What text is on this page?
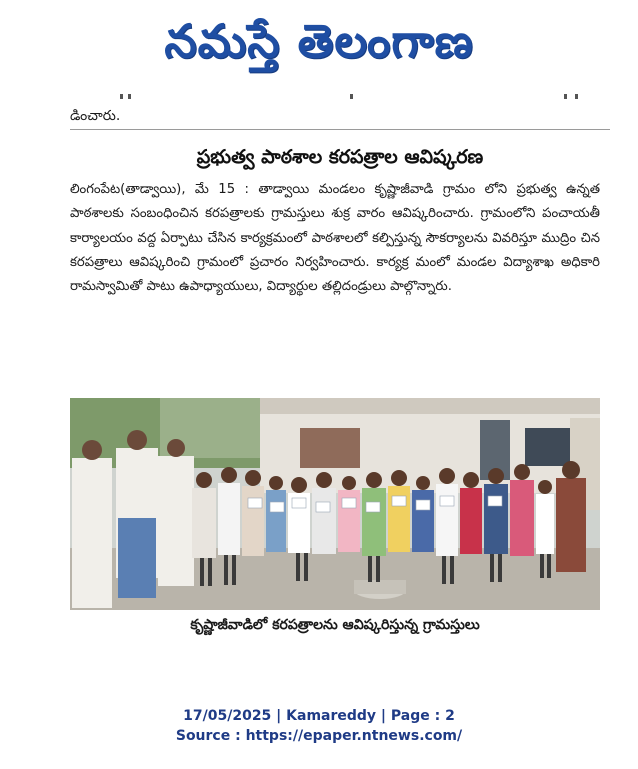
నమస్తే తెలంగాణ
డించారు.
ప్రభుత్వ పాఠశాల కరపత్రాల ఆవిష్కరణ
లింగంపేట(తాడ్వాయి), మే 15 : తాడ్వాయి మండలం కృష్ణాజీవాడి గ్రామం లోని ప్రభుత్వ ఉన్నత పాఠశాలకు సంబంధించిన కరపత్రాలకు గ్రామస్తులు శుక్ర వారం ఆవిష్కరించారు. గ్రామంలోని పంచాయతీ కార్యాలయం వద్ద ఏర్పాటు చేసిన కార్యక్రమంలో పాఠశాలలో కల్పిస్తున్న సౌకర్యాలను వివరిస్తూ ముద్రిం చిన కరపత్రాలు ఆవిష్కరించి గ్రామంలో ప్రచారం నిర్వహించారు. కార్యక్ర మంలో మండల విద్యాశాఖ అధికారి రామస్వామితో పాటు ఉపాధ్యాయులు, విద్యార్థుల తల్లిదండ్రులు పాల్గొన్నారు.
కృష్ణాజీవాడిలో కరపత్రాలను ఆవిష్కరిస్తున్న గ్రామస్తులు
17/05/2025 | Kamareddy | Page : 2
Source : https://epaper.ntnews.com/
